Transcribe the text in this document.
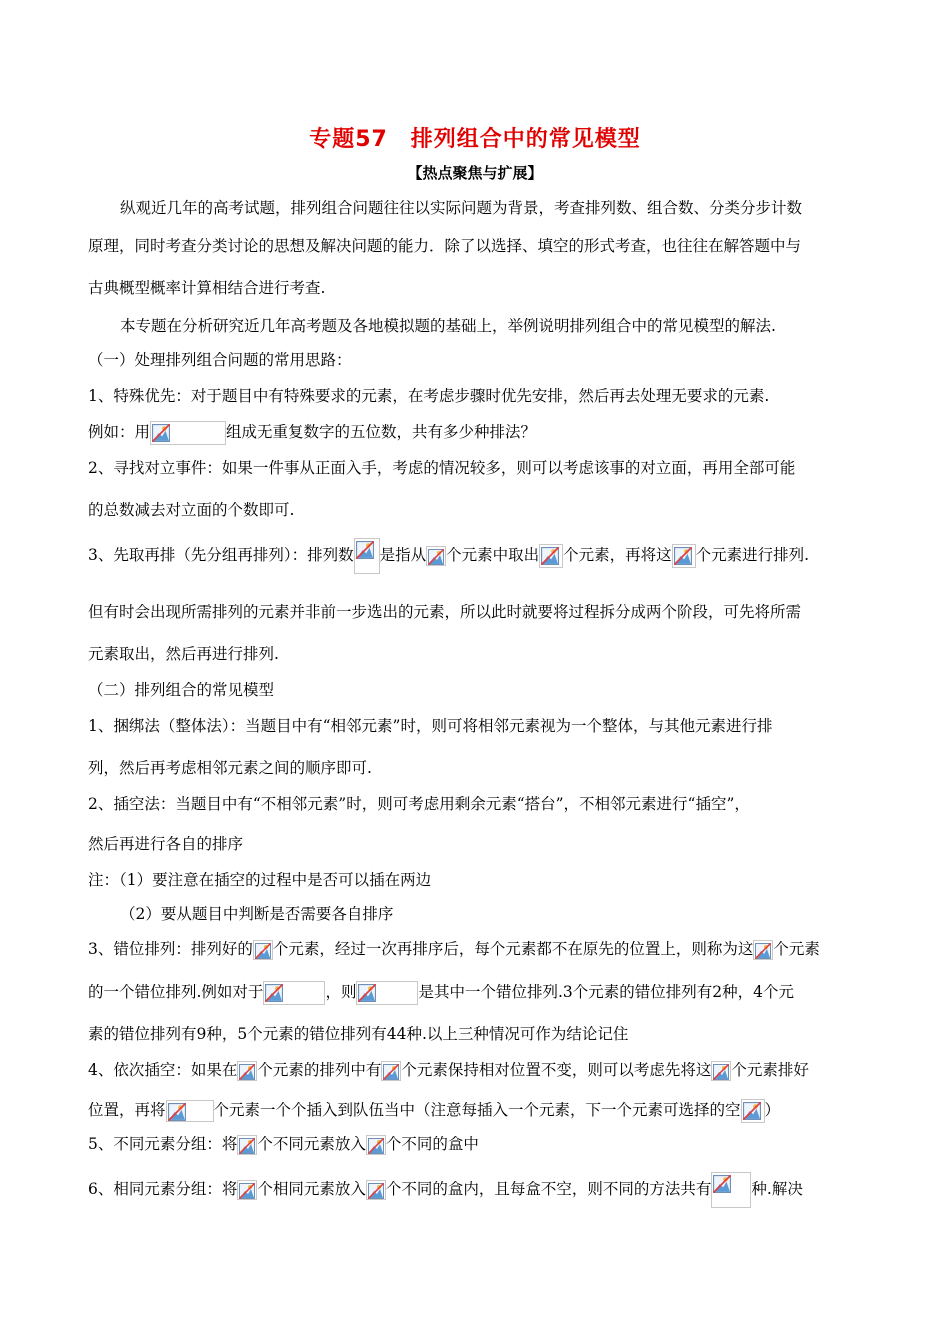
专题57　排列组合中的常见模型
【热点聚焦与扩展】
纵观近几年的高考试题，排列组合问题往往以实际问题为背景，考查排列数、组合数、分类分步计数
原理，同时考查分类讨论的思想及解决问题的能力．除了以选择、填空的形式考查，也往往在解答题中与
古典概型概率计算相结合进行考查.
本专题在分析研究近几年高考题及各地模拟题的基础上，举例说明排列组合中的常见模型的解法.
（一）处理排列组合问题的常用思路：
1、特殊优先：对于题目中有特殊要求的元素，在考虑步骤时优先安排，然后再去处理无要求的元素.
例如：用	组成无重复数字的五位数，共有多少种排法？
2、寻找对立事件：如果一件事从正面入手，考虑的情况较多，则可以考虑该事的对立面，再用全部可能
的总数减去对立面的个数即可.
3、先取再排（先分组再排列）：排列数 是指从 个元素中取出 个元素，再将这 个元素进行排列.
但有时会出现所需排列的元素并非前一步选出的元素，所以此时就要将过程拆分成两个阶段，可先将所需
元素取出，然后再进行排列.
（二）排列组合的常见模型
1、捆绑法（整体法）：当题目中有“相邻元素”时，则可将相邻元素视为一个整体，与其他元素进行排
列，然后再考虑相邻元素之间的顺序即可.
2、插空法：当题目中有“不相邻元素”时，则可考虑用剩余元素“搭台”，不相邻元素进行“插空”，
然后再进行各自的排序
注：（1）要注意在插空的过程中是否可以插在两边
（2）要从题目中判断是否需要各自排序
3、错位排列：排列好的 个元素，经过一次再排序后，每个元素都不在原先的位置上，则称为这 个元素
的一个错位排列.例如对于	，则	是其中一个错位排列.3个元素的错位排列有2种，4个元
素的错位排列有9种，5个元素的错位排列有44种.以上三种情况可作为结论记住
4、依次插空：如果在 个元素的排列中有 个元素保持相对位置不变，则可以考虑先将这 个元素排好
位置，再将	个元素一个个插入到队伍当中（注意每插入一个元素，下一个元素可选择的空 ）
5、不同元素分组：将 个不同元素放入 个不同的盒中
6、相同元素分组：将 个相同元素放入 个不同的盒内，且每盒不空，则不同的方法共有	种.解决
